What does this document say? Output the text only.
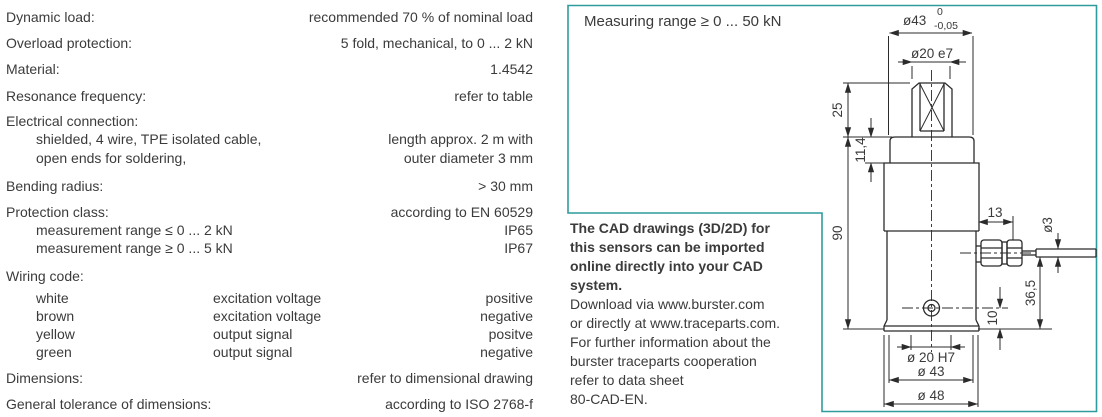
Dynamic load:	recommended 70 % of nominal load
Overload protection:	5 fold, mechanical, to 0 ... 2 kN
Material:	1.4542
Resonance frequency:	refer to table
Electrical connection:
shielded, 4 wire, TPE isolated cable,	length approx. 2 m with
open ends for soldering,	outer diameter 3 mm
Bending radius:	> 30 mm
Protection class:	according to EN 60529
measurement range ≤ 0 ... 2 kN	IP65
measurement range ≥ 0 ... 5 kN	IP67
Wiring code:
white	excitation voltage	positive
brown	excitation voltage	negative
yellow	output signal	positve
green	output signal	negative
Dimensions:	refer to dimensional drawing
General tolerance of dimensions:	according to ISO 2768-f
Measuring range ≥ 0 ... 50 kN
The CAD drawings (3D/2D) for
this sensors can be imported
online directly into your CAD
system.
Download via www.burster.com
or directly at www.traceparts.com.
For further information about the
burster traceparts cooperation
refer to data sheet
80-CAD-EN.
ø43
0
-0,05
ø20 e7
25
11,4
90
13
ø3
36,5
10
ø 20 H7
ø 43
ø 48
